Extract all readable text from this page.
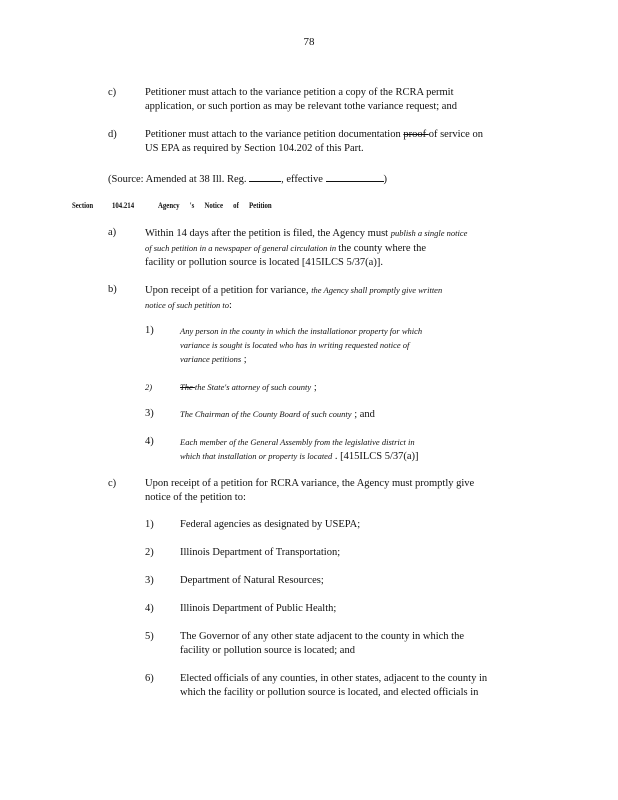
78
c)	Petitioner must attach to the variance petition a copy of the RCRA permit
application, or such portion as may be relevant tothe variance request; and
d)	Petitioner must attach to the variance petition documentation proof of service on
US EPA as required by Section 104.202 of this Part.
(Source: Amended at 38 Ill. Reg.	, effective	)
Section 104.214	Agency 's Notice of Petition
a)	Within 14 days after the petition is filed, the Agency must publish a single notice
of such petition in a newspaper of general circulation in the county where the
facility or pollution source is located [415ILCS 5/37(a)].
b)	Upon receipt of a petition for variance, the Agency shall promptly give written
notice of such petition to:
1)	Any person in the county in which the installationor property for which
variance is sought is located who has in writing requested notice of
variance petitions ;
2)	The the State's attorney of such county ;
3)	The Chairman of the County Board of such county ; and
4)	Each member of the General Assembly from the legislative district in
which that installation or property is located . [415ILCS 5/37(a)]
c)	Upon receipt of a petition for RCRA variance, the Agency must promptly give
notice of the petition to:
1)	Federal agencies as designated by USEPA;
2)	Illinois Department of Transportation;
3)	Department of Natural Resources;
4)	Illinois Department of Public Health;
5)	The Governor of any other state adjacent to the county in which the
facility or pollution source is located; and
6)	Elected officials of any counties, in other states, adjacent to the county in
which the facility or pollution source is located, and elected officials in
